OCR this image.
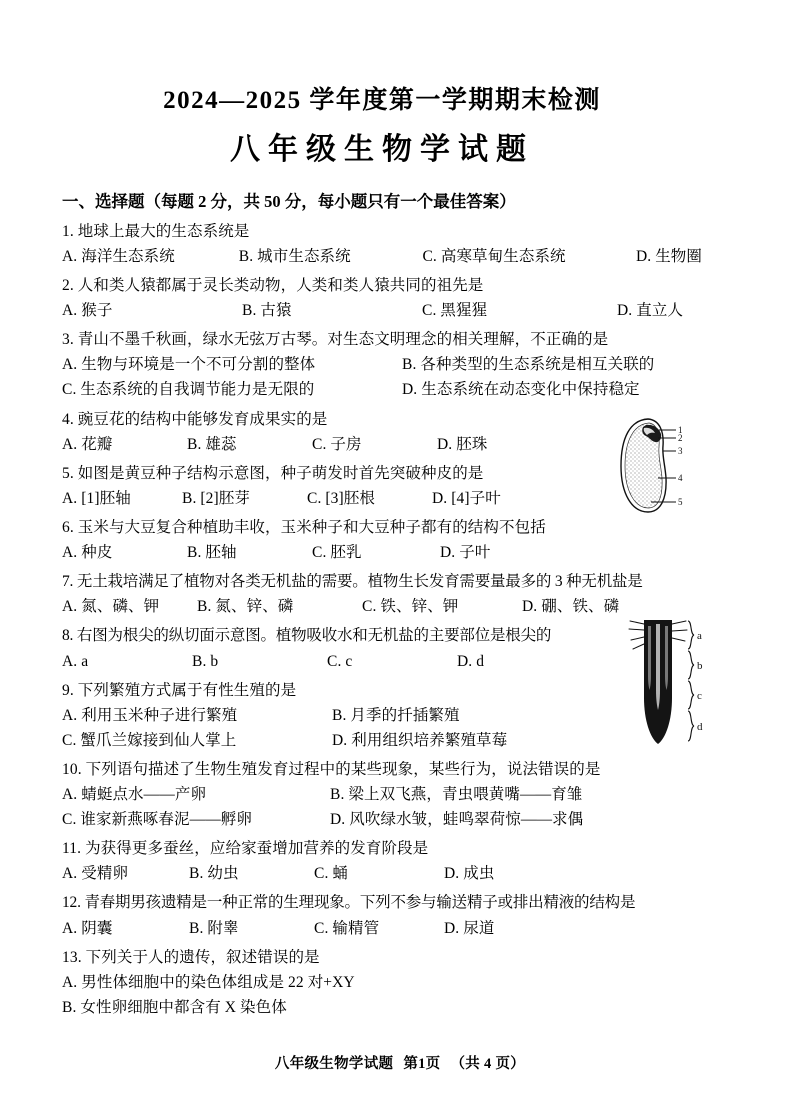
2024—2025 学年度第一学期期末检测
八年级生物学试题
一、选择题（每题 2 分，共 50 分，每小题只有一个最佳答案）
1. 地球上最大的生态系统是
A. 海洋生态系统	B. 城市生态系统	C. 高寒草甸生态系统	D. 生物圈
2. 人和类人猿都属于灵长类动物，人类和类人猿共同的祖先是
A. 猴子	B. 古猿	C. 黑猩猩	D. 直立人
3. 青山不墨千秋画，绿水无弦万古琴。对生态文明理念的相关理解，不正确的是
A. 生物与环境是一个不可分割的整体	B. 各种类型的生态系统是相互关联的
C. 生态系统的自我调节能力是无限的	D. 生态系统在动态变化中保持稳定
4. 豌豆花的结构中能够发育成果实的是
A. 花瓣	B. 雄蕊	C. 子房	D. 胚珠
5. 如图是黄豆种子结构示意图，种子萌发时首先突破种皮的是
A. [1]胚轴	B. [2]胚芽	C. [3]胚根	D. [4]子叶
6. 玉米与大豆复合种植助丰收，玉米种子和大豆种子都有的结构不包括
A. 种皮	B. 胚轴	C. 胚乳	D. 子叶
7. 无土栽培满足了植物对各类无机盐的需要。植物生长发育需要量最多的 3 种无机盐是
A. 氮、磷、钾	B. 氮、锌、磷	C. 铁、锌、钾	D. 硼、铁、磷
8. 右图为根尖的纵切面示意图。植物吸收水和无机盐的主要部位是根尖的
A. a	B. b	C. c	D. d
9. 下列繁殖方式属于有性生殖的是
A. 利用玉米种子进行繁殖	B. 月季的扦插繁殖
C. 蟹爪兰嫁接到仙人掌上	D. 利用组织培养繁殖草莓
10. 下列语句描述了生物生殖发育过程中的某些现象，某些行为，说法错误的是
A. 蜻蜓点水——产卵	B. 梁上双飞燕，青虫喂黄嘴——育雏
C. 谁家新燕啄春泥——孵卵	D. 风吹绿水皱，蛙鸣翠荷惊——求偶
11. 为获得更多蚕丝，应给家蚕增加营养的发育阶段是
A. 受精卵	B. 幼虫	C. 蛹	D. 成虫
12. 青春期男孩遗精是一种正常的生理现象。下列不参与输送精子或排出精液的结构是
A. 阴囊	B. 附睾	C. 输精管	D. 尿道
13. 下列关于人的遗传，叙述错误的是
A. 男性体细胞中的染色体组成是 22 对+XY
B. 女性卵细胞中都含有 X 染色体
1
2
3
4
5
a
b
c
d
八年级生物学试题 第1页 （共 4 页）
